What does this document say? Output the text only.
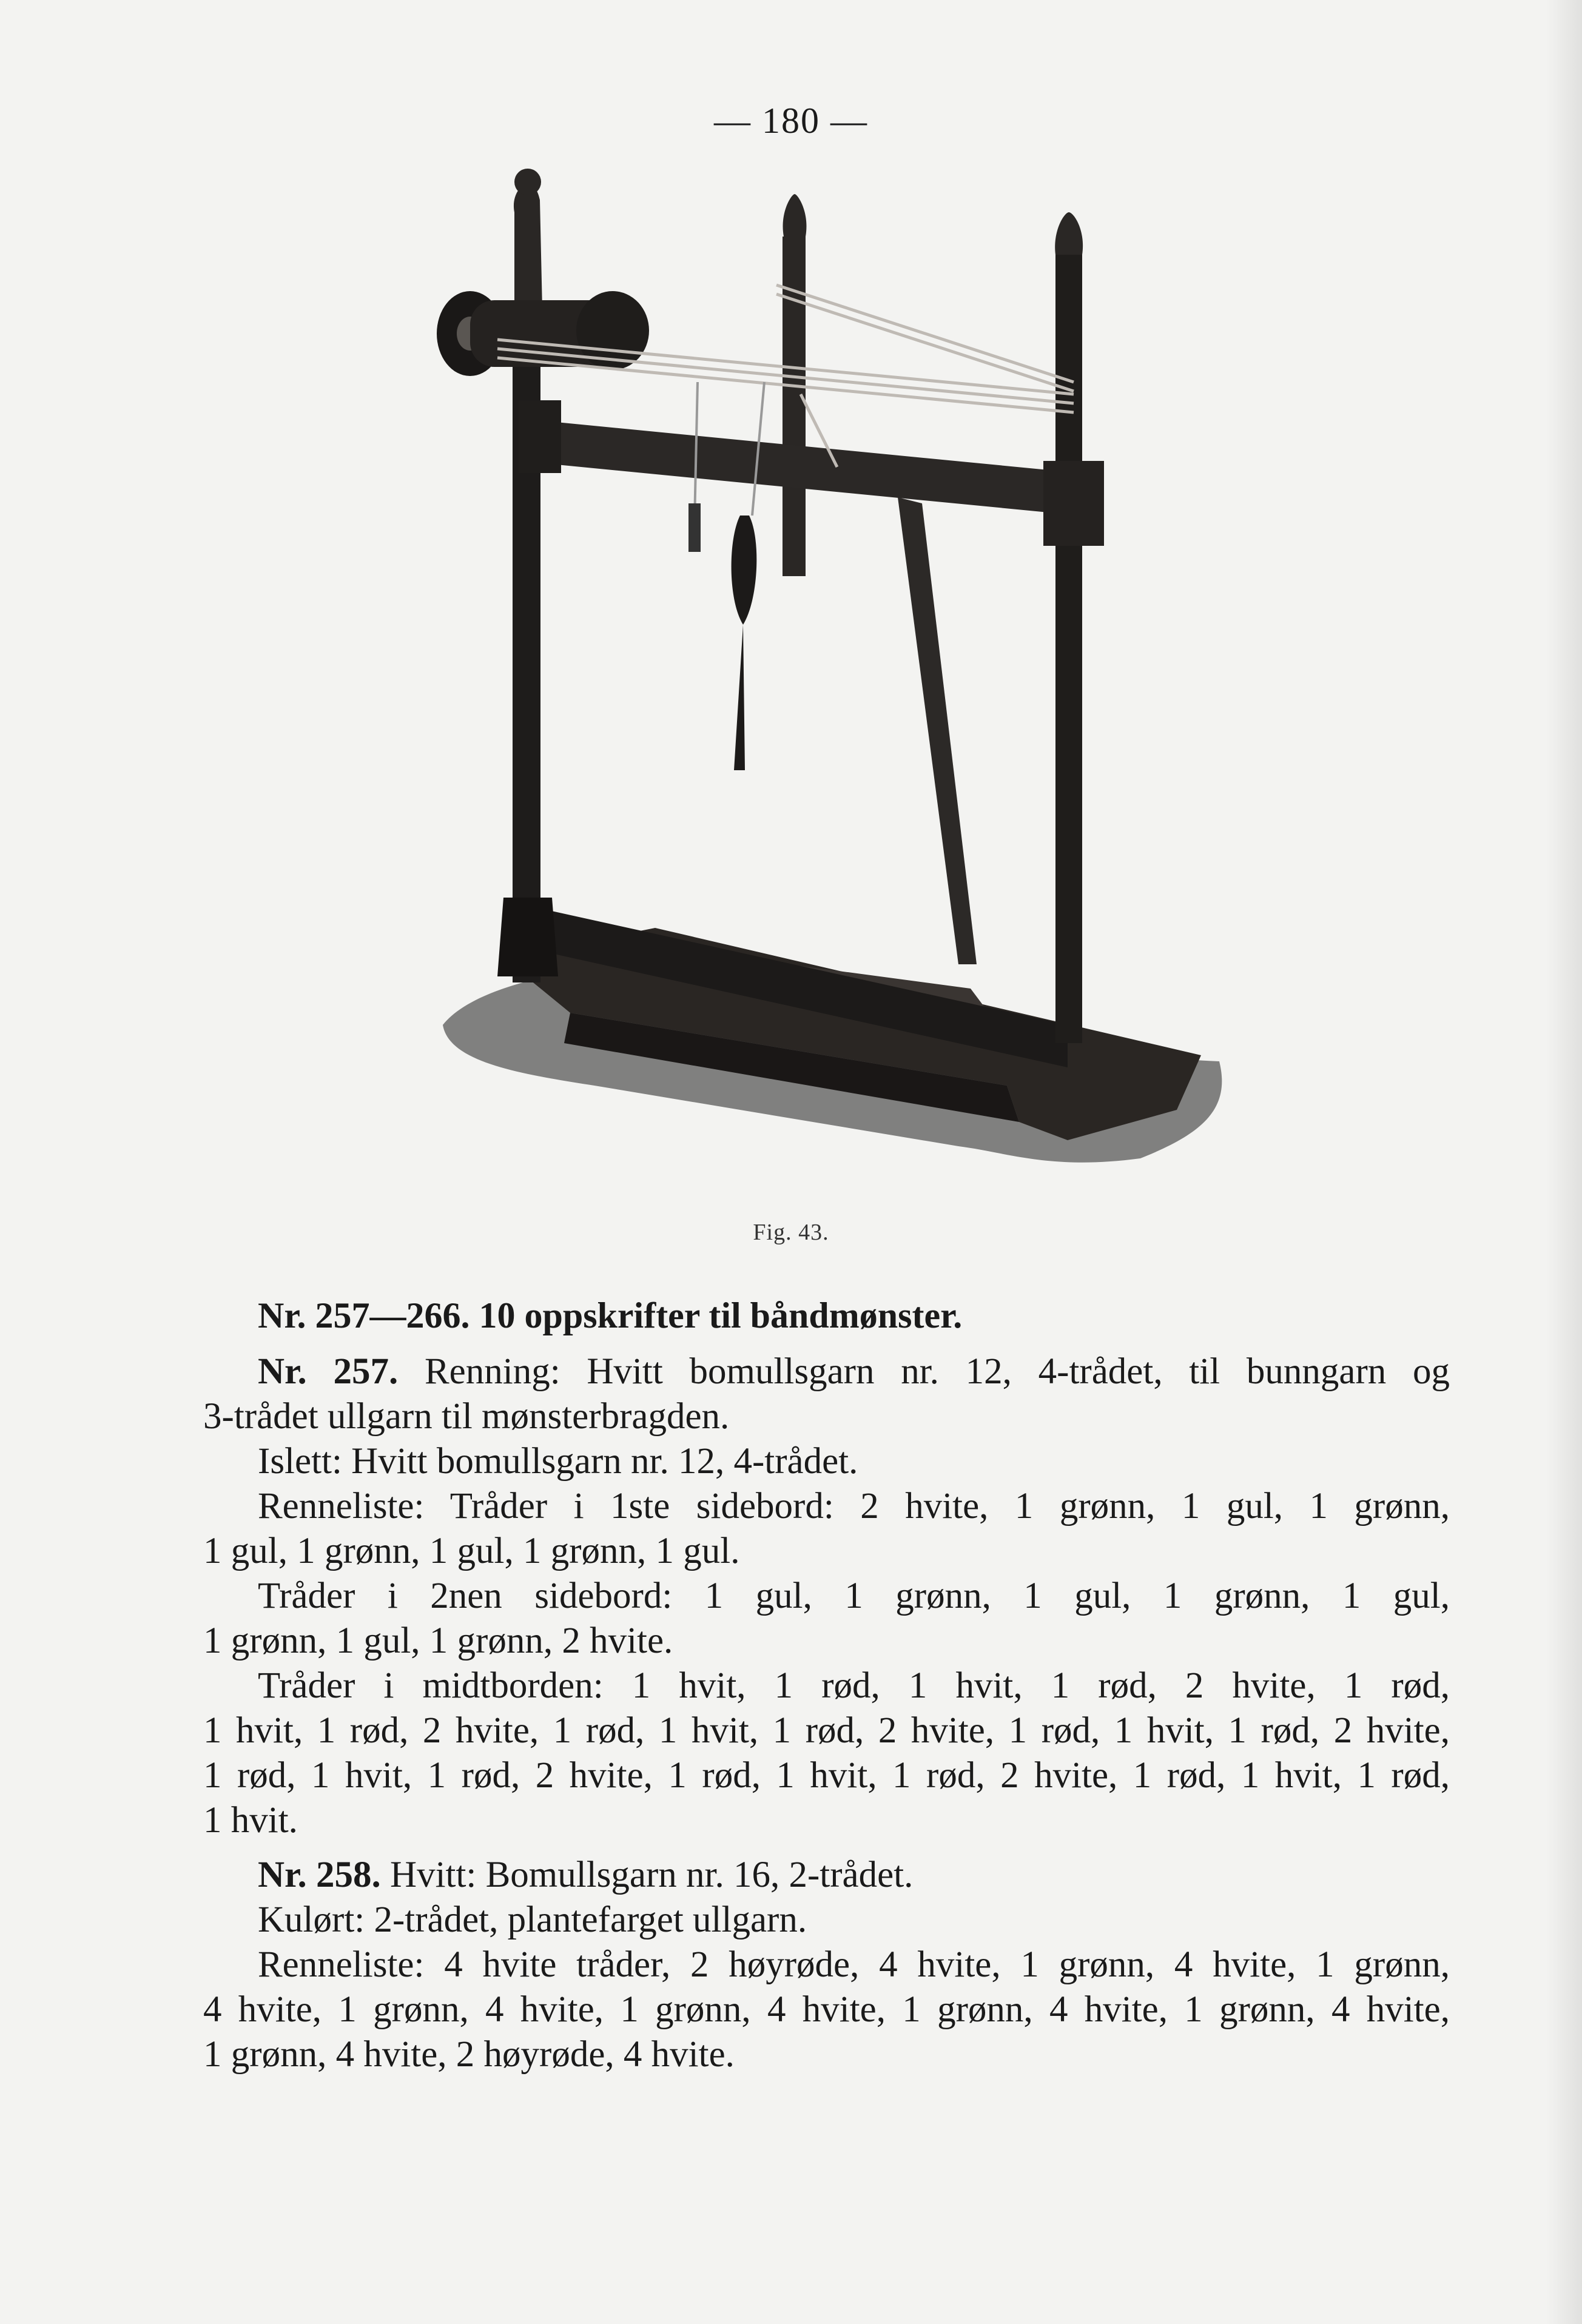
— 180 —
Fig. 43.
Nr. 257—266. 10 oppskrifter til båndmønster.
Nr. 257. Renning: Hvitt bomullsgarn nr. 12, 4-trådet, til bunngarn og
3-trådet ullgarn til mønsterbragden.
Islett: Hvitt bomullsgarn nr. 12, 4-trådet.
Renneliste: Tråder i 1ste sidebord: 2 hvite, 1 grønn, 1 gul, 1 grønn,
1 gul, 1 grønn, 1 gul, 1 grønn, 1 gul.
Tråder i 2nen sidebord: 1 gul, 1 grønn, 1 gul, 1 grønn, 1 gul,
1 grønn, 1 gul, 1 grønn, 2 hvite.
Tråder i midtborden: 1 hvit, 1 rød, 1 hvit, 1 rød, 2 hvite, 1 rød,
1 hvit, 1 rød, 2 hvite, 1 rød, 1 hvit, 1 rød, 2 hvite, 1 rød, 1 hvit, 1 rød, 2 hvite,
1 rød, 1 hvit, 1 rød, 2 hvite, 1 rød, 1 hvit, 1 rød, 2 hvite, 1 rød, 1 hvit, 1 rød,
1 hvit.
Nr. 258. Hvitt: Bomullsgarn nr. 16, 2-trådet.
Kulørt: 2-trådet, plantefarget ullgarn.
Renneliste: 4 hvite tråder, 2 høyrøde, 4 hvite, 1 grønn, 4 hvite, 1 grønn,
4 hvite, 1 grønn, 4 hvite, 1 grønn, 4 hvite, 1 grønn, 4 hvite, 1 grønn, 4 hvite,
1 grønn, 4 hvite, 2 høyrøde, 4 hvite.
